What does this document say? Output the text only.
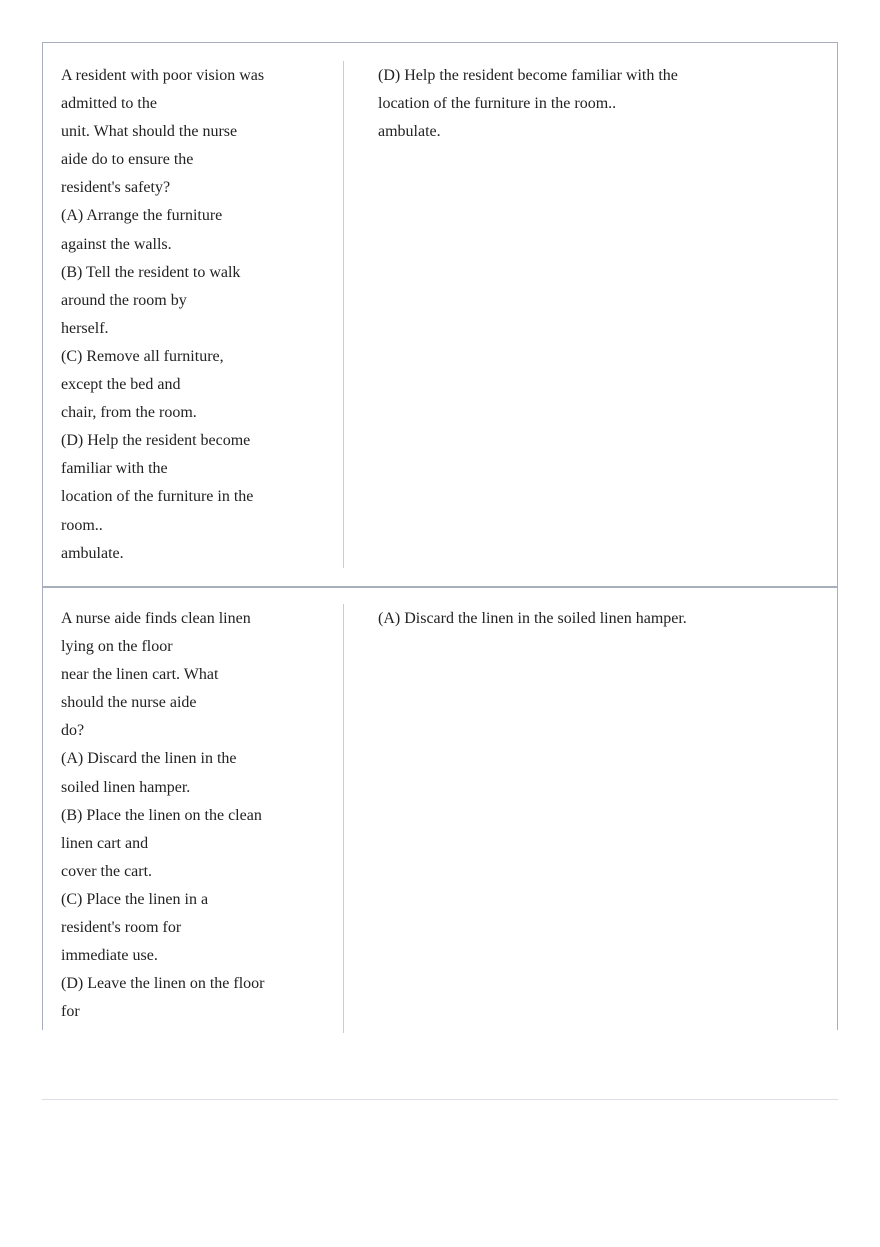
A resident with poor vision was
admitted to the
unit. What should the nurse
aide do to ensure the
resident's safety?
(A) Arrange the furniture
against the walls.
(B) Tell the resident to walk
around the room by
herself.
(C) Remove all furniture,
except the bed and
chair, from the room.
(D) Help the resident become
familiar with the
location of the furniture in the
room..
ambulate.
(D) Help the resident become familiar with the
location of the furniture in the room..
ambulate.
A nurse aide finds clean linen
lying on the floor
near the linen cart. What
should the nurse aide
do?
(A) Discard the linen in the
soiled linen hamper.
(B) Place the linen on the clean
linen cart and
cover the cart.
(C) Place the linen in a
resident's room for
immediate use.
(D) Leave the linen on the floor
for
(A) Discard the linen in the soiled linen hamper.
